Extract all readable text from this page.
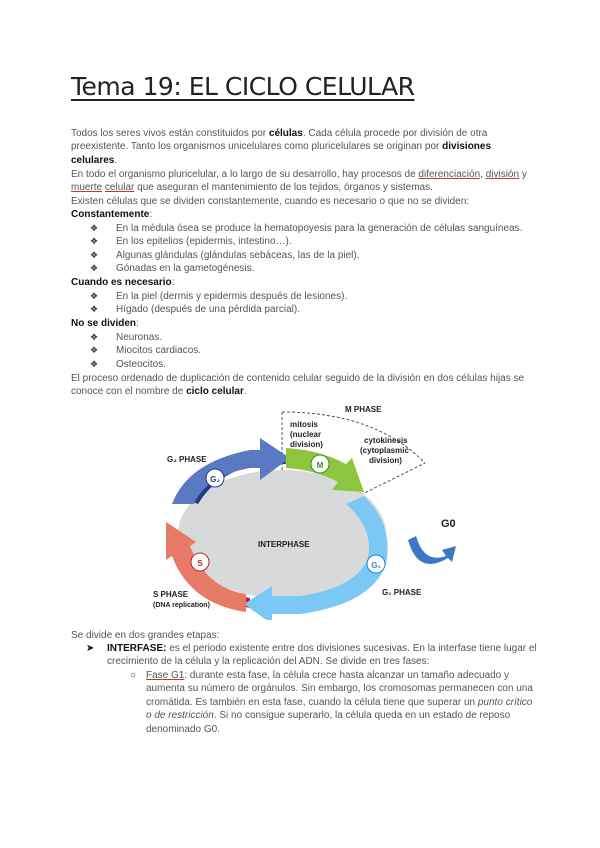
Tema 19: EL CICLO CELULAR
Todos los seres vivos están constituidos por células. Cada célula procede por división de otra preexistente. Tanto los organismos unicelulares como pluricelulares se originan por divisiones celulares.
En todo el organismo pluricelular, a lo largo de su desarrollo, hay procesos de diferenciación, división y muerte celular que aseguran el mantenimiento de los tejidos, órganos y sistemas.
Existen células que se dividen constantemente, cuando es necesario o que no se dividen:
Constantemente:
❖ En la médula ósea se produce la hematopoyesis para la generación de células sanguíneas.
❖ En los epitelios (epidermis, intestino…).
❖ Algunas glándulas (glándulas sebáceas, las de la piel).
❖ Gónadas en la gametogénesis.
Cuando es necesario:
❖ En la piel (dermis y epidermis después de lesiones).
❖ Hígado (después de una pérdida parcial).
No se dividen:
❖ Neuronas.
❖ Miocitos cardiacos.
❖ Osteocitos.
El proceso ordenado de duplicación de contenido celular seguido de la división en dos células hijas se conoce con el nombre de ciclo celular.
G₂
M
G₁
S
M PHASE
mitosis
(nuclear
division)	cytokinesis
(cytoplasmic
division)
G₂ PHASE
INTERPHASE
G0
S PHASE
(DNA replication)
G₁ PHASE
Se divide en dos grandes etapas:
➤ INTERFASE: es el periodo existente entre dos divisiones sucesivas. En la interfase tiene lugar el crecimiento de la célula y la replicación del ADN. Se divide en tres fases:
○ Fase G1: durante esta fase, la célula crece hasta alcanzar un tamaño adecuado y aumenta su número de orgánulos. Sin embargo, los cromosomas permanecen con una cromátida. Es también en esta fase, cuando la célula tiene que superar un punto crítico o de restricción. Si no consigue superarlo, la célula queda en un estado de reposo denominado G0.
